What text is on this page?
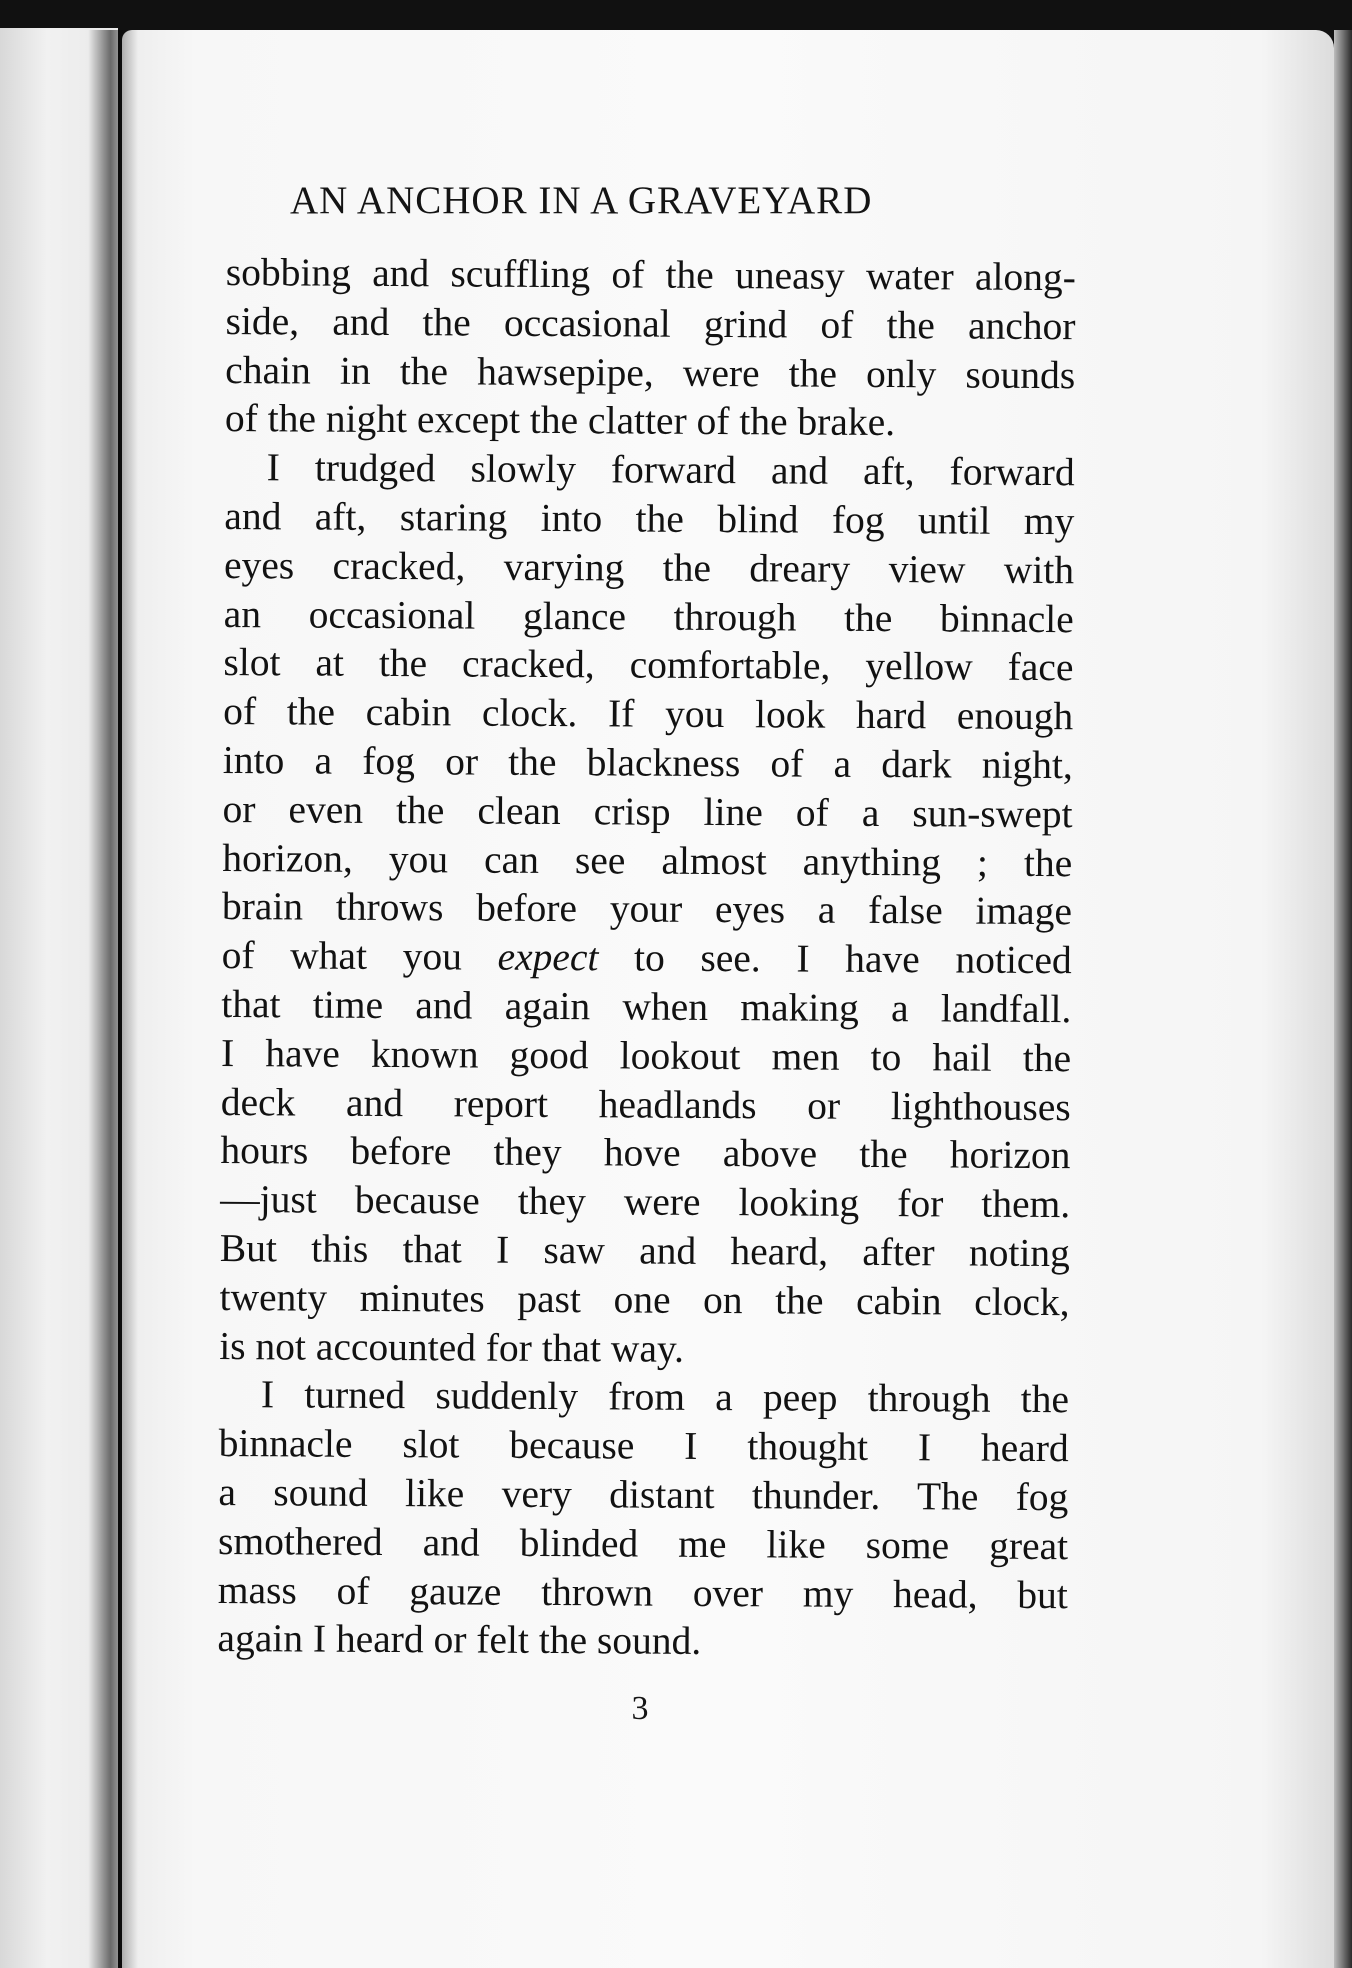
AN ANCHOR IN A GRAVEYARD
sobbing and scuffling of the uneasy water along-
side, and the occasional grind of the anchor
chain in the hawsepipe, were the only sounds
of the night except the clatter of the brake.
I trudged slowly forward and aft, forward
and aft, staring into the blind fog until my
eyes cracked, varying the dreary view with
an occasional glance through the binnacle
slot at the cracked, comfortable, yellow face
of the cabin clock. If you look hard enough
into a fog or the blackness of a dark night,
or even the clean crisp line of a sun-swept
horizon, you can see almost anything ; the
brain throws before your eyes a false image
of what you expect to see. I have noticed
that time and again when making a landfall.
I have known good lookout men to hail the
deck and report headlands or lighthouses
hours before they hove above the horizon
—just because they were looking for them.
But this that I saw and heard, after noting
twenty minutes past one on the cabin clock,
is not accounted for that way.
I turned suddenly from a peep through the
binnacle slot because I thought I heard
a sound like very distant thunder. The fog
smothered and blinded me like some great
mass of gauze thrown over my head, but
again I heard or felt the sound.
3
